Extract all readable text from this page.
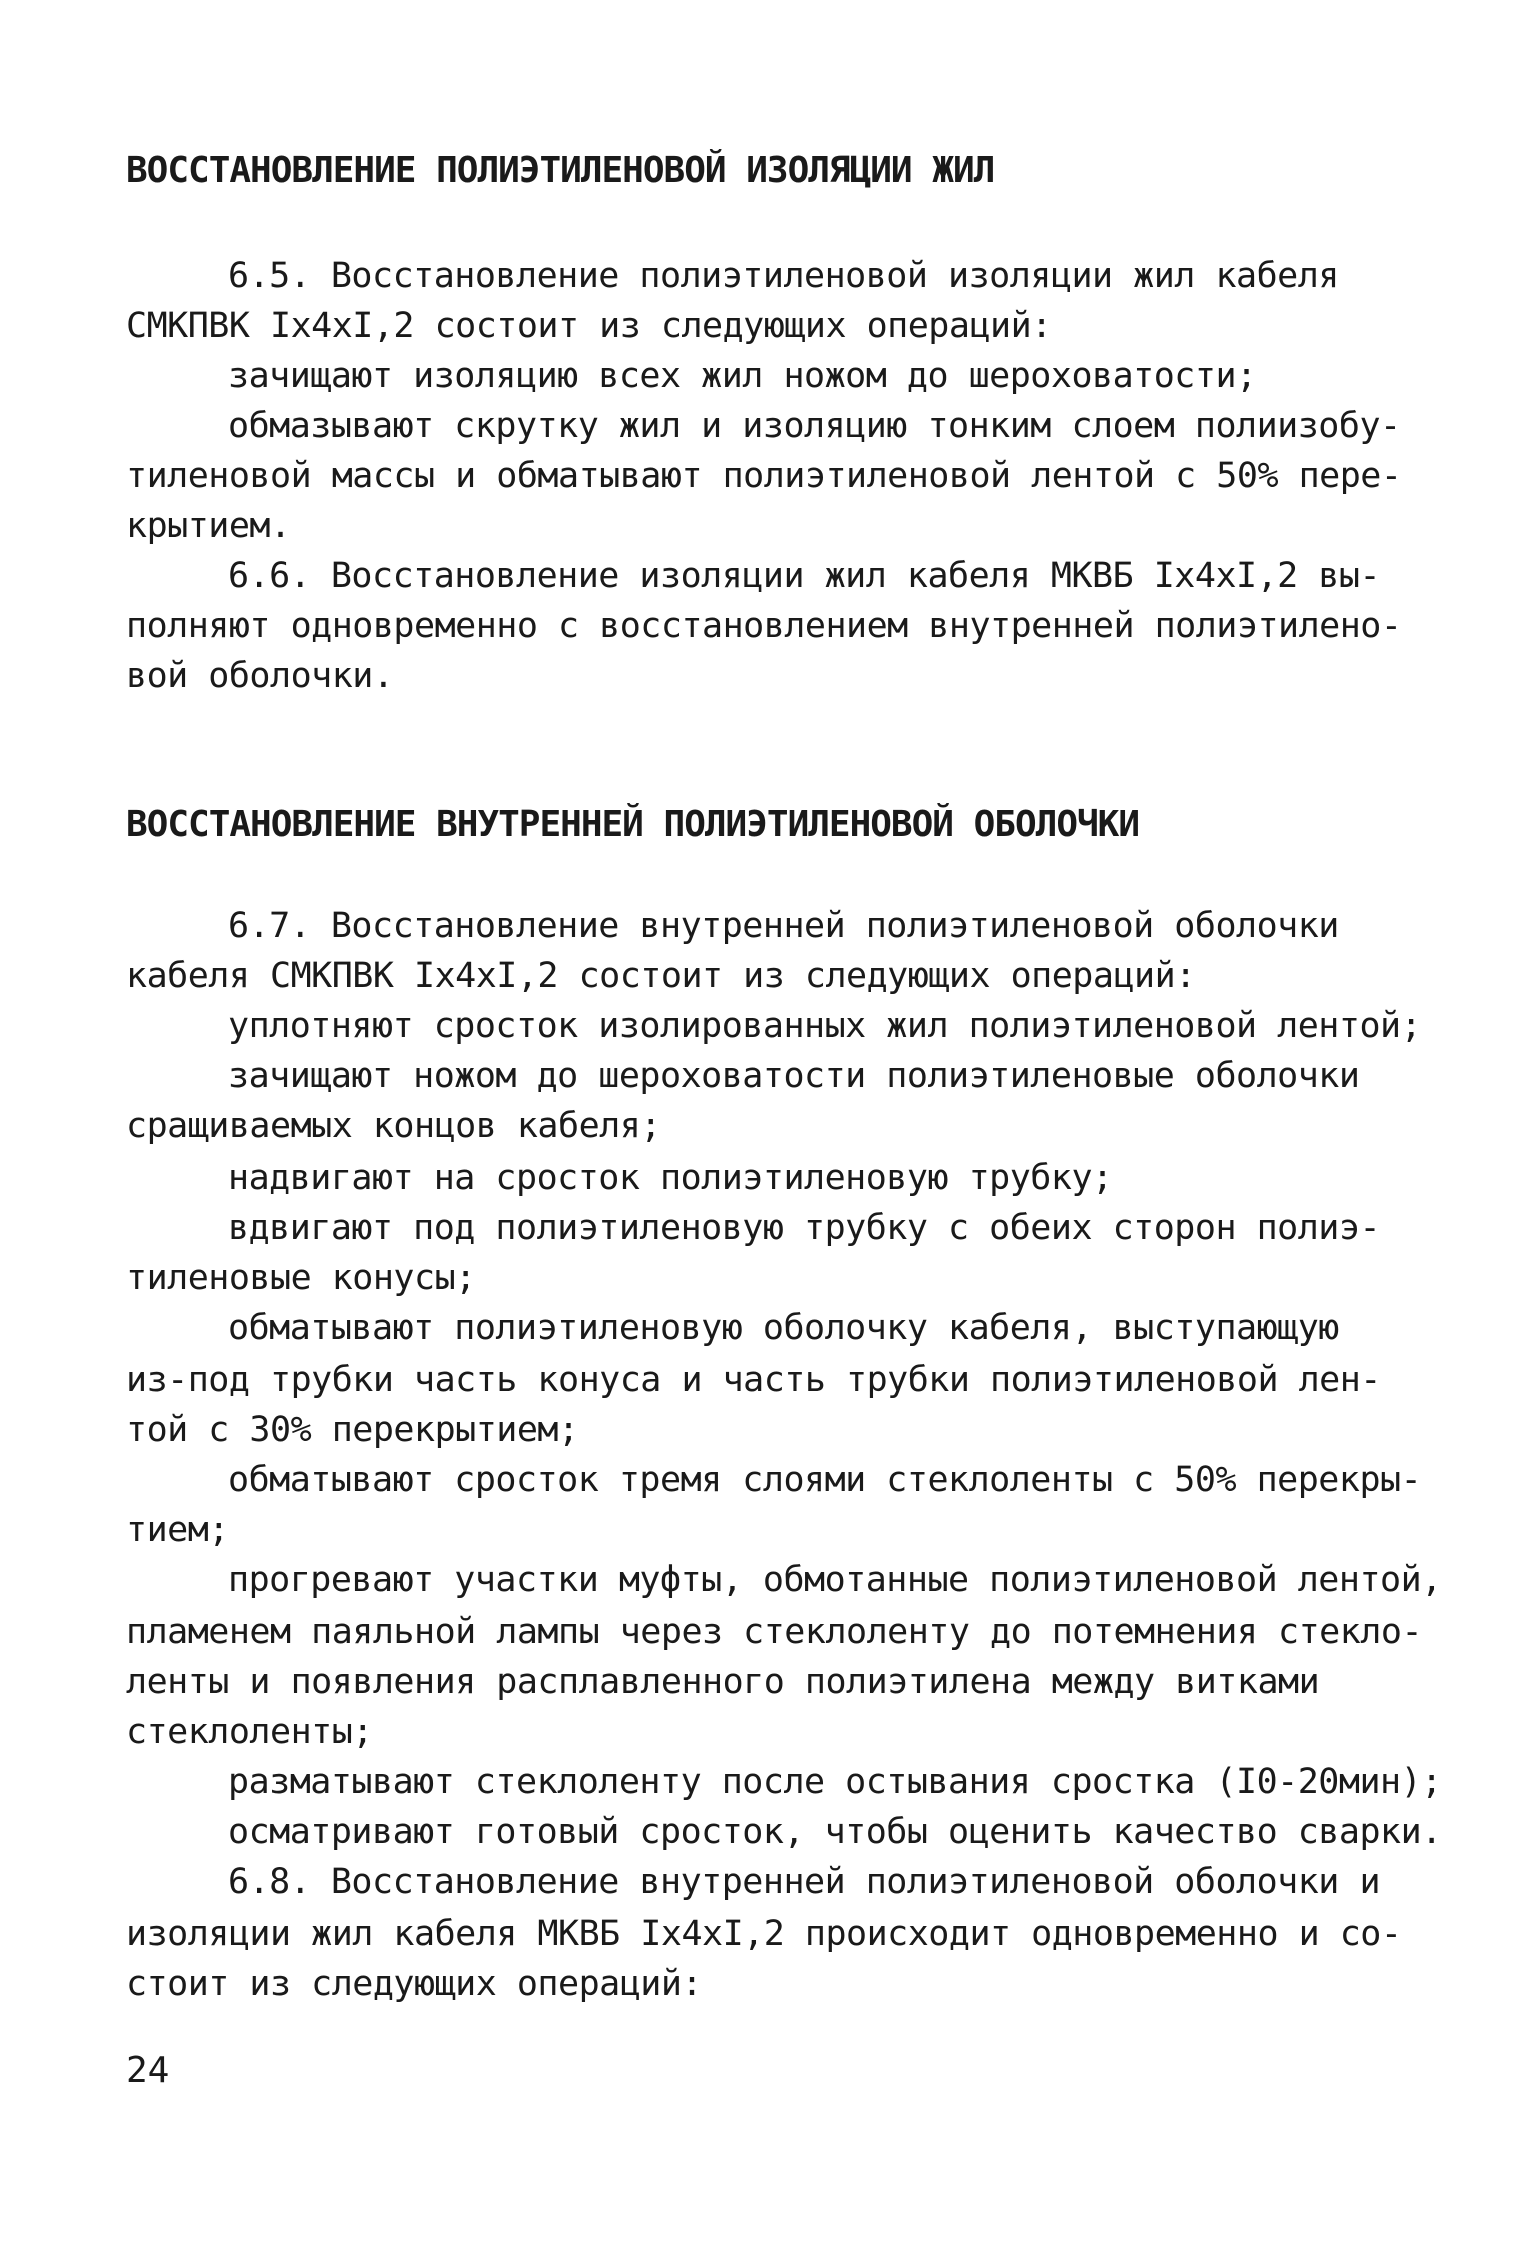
ВОССТАНОВЛЕНИЕ ПОЛИЭТИЛЕНОВОЙ ИЗОЛЯЦИИ ЖИЛ
6.5. Восстановление полиэтиленовой изоляции жил кабеля
СМКПВК Iх4хI,2 состоит из следующих операций:
зачищают изоляцию всех жил ножом до шероховатости;
обмазывают скрутку жил и изоляцию тонким слоем полиизобу-
тиленовой массы и обматывают полиэтиленовой лентой с 50% пере-
крытием.
6.6. Восстановление изоляции жил кабеля МКВБ Iх4хI,2 вы-
полняют одновременно с восстановлением внутренней полиэтилено-
вой оболочки.
ВОССТАНОВЛЕНИЕ ВНУТРЕННЕЙ ПОЛИЭТИЛЕНОВОЙ ОБОЛОЧКИ
6.7. Восстановление внутренней полиэтиленовой оболочки
кабеля СМКПВК Iх4хI,2 состоит из следующих операций:
уплотняют сросток изолированных жил полиэтиленовой лентой;
зачищают ножом до шероховатости полиэтиленовые оболочки
сращиваемых концов кабеля;
надвигают на сросток полиэтиленовую трубку;
вдвигают под полиэтиленовую трубку с обеих сторон полиэ-
тиленовые конусы;
обматывают полиэтиленовую оболочку кабеля, выступающую
из-под трубки часть конуса и часть трубки полиэтиленовой лен-
той с 30% перекрытием;
обматывают сросток тремя слоями стеклоленты с 50% перекры-
тием;
прогревают участки муфты, обмотанные полиэтиленовой лентой,
пламенем паяльной лампы через стеклоленту до потемнения стекло-
ленты и появления расплавленного полиэтилена между витками
стеклоленты;
разматывают стеклоленту после остывания сростка (I0-20мин);
осматривают готовый сросток, чтобы оценить качество сварки.
6.8. Восстановление внутренней полиэтиленовой оболочки и
изоляции жил кабеля МКВБ Iх4хI,2 происходит одновременно и со-
стоит из следующих операций:
24
